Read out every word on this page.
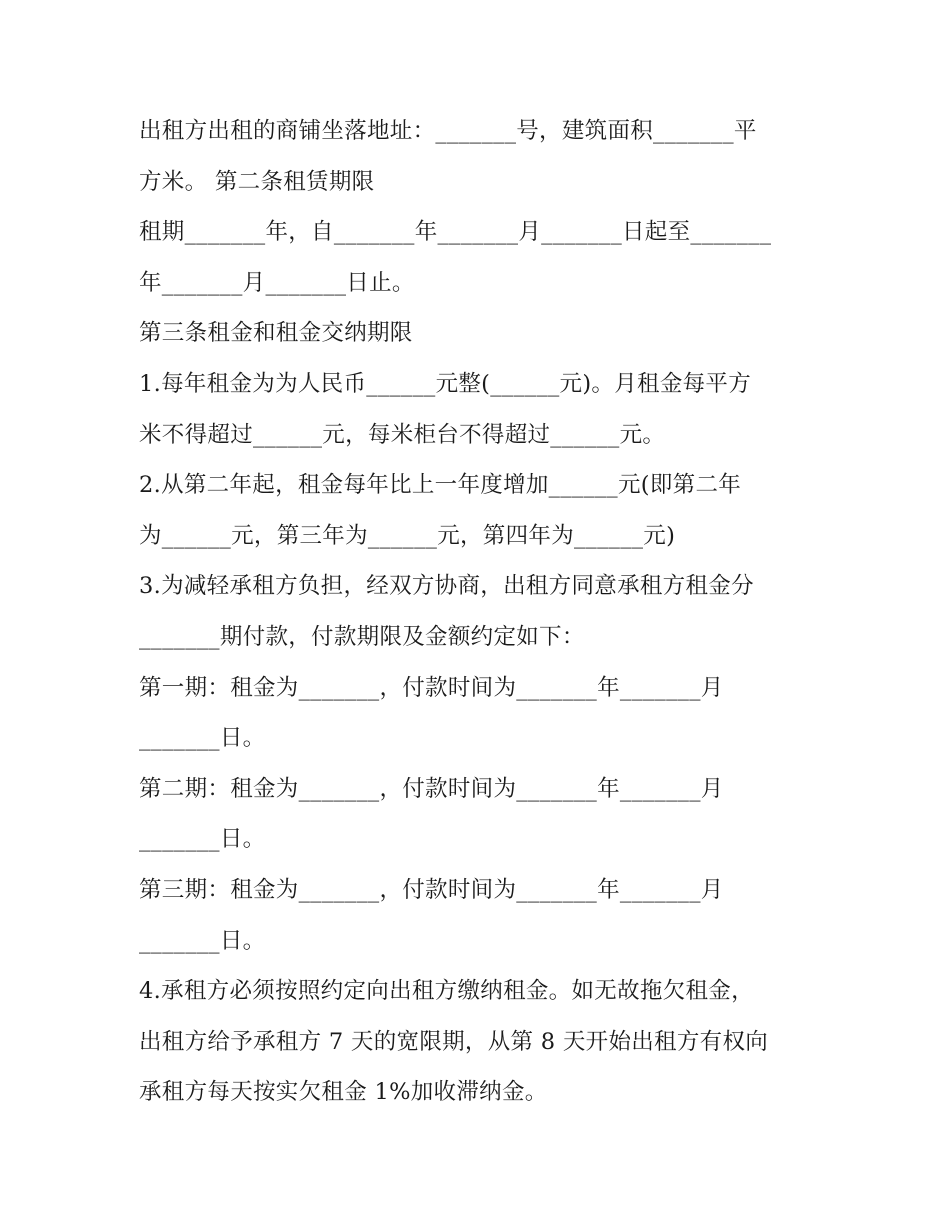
出租方出租的商铺坐落地址：_______号，建筑面积_______平
方米。 第二条租赁期限
租期_______年，自_______年_______月_______日起至_______
年_______月_______日止。
第三条租金和租金交纳期限
1.每年租金为为人民币______元整(______元)。月租金每平方
米不得超过______元，每米柜台不得超过______元。
2.从第二年起，租金每年比上一年度增加______元(即第二年
为______元，第三年为______元，第四年为______元)
3.为减轻承租方负担，经双方协商，出租方同意承租方租金分
_______期付款，付款期限及金额约定如下：
第一期：租金为_______，付款时间为_______年_______月
_______日。
第二期：租金为_______，付款时间为_______年_______月
_______日。
第三期：租金为_______，付款时间为_______年_______月
_______日。
4.承租方必须按照约定向出租方缴纳租金。如无故拖欠租金，
出租方给予承租方 7 天的宽限期，从第 8 天开始出租方有权向
承租方每天按实欠租金 1%加收滞纳金。
